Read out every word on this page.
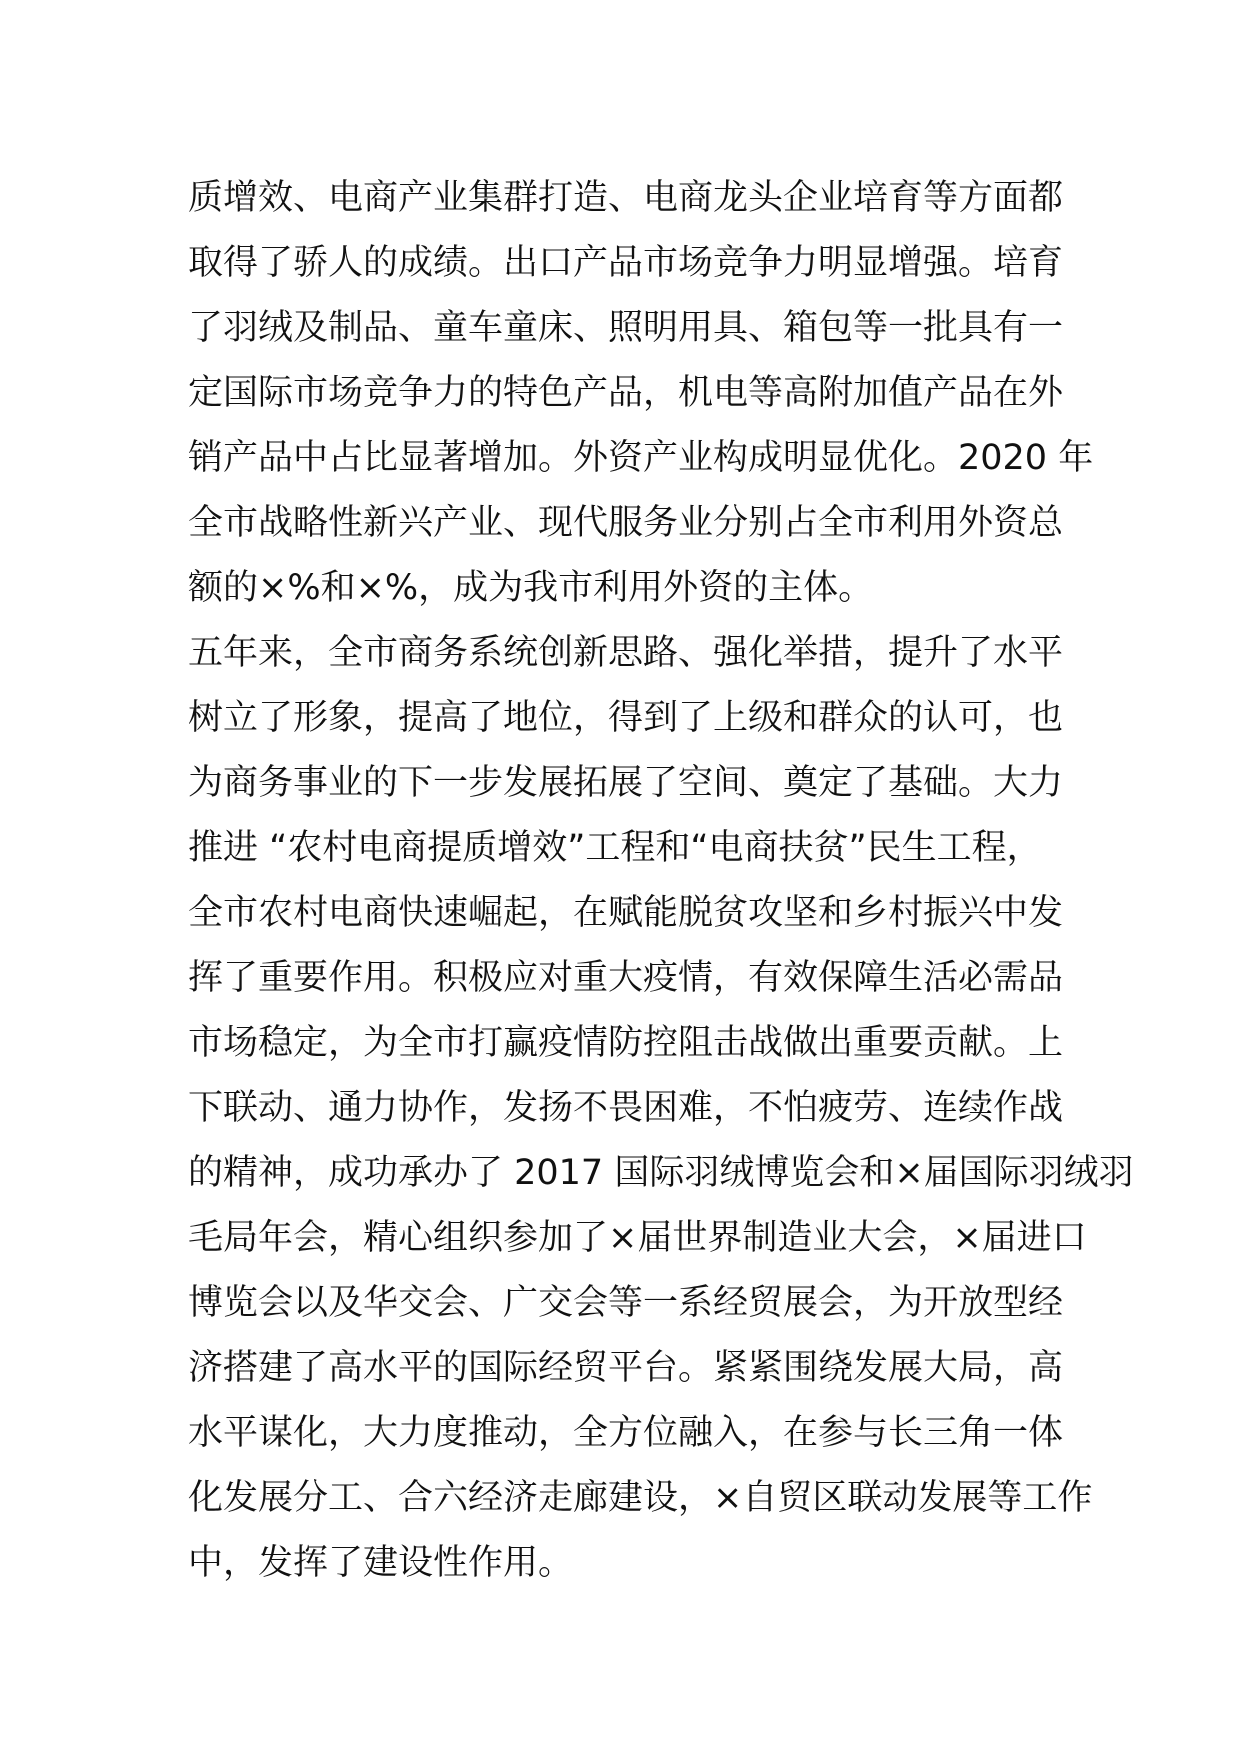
质增效、电商产业集群打造、电商龙头企业培育等方面都
取得了骄人的成绩。出口产品市场竞争力明显增强。培育
了羽绒及制品、童车童床、照明用具、箱包等一批具有一
定国际市场竞争力的特色产品，机电等高附加值产品在外
销产品中占比显著增加。外资产业构成明显优化。2020 年
全市战略性新兴产业、现代服务业分别占全市利用外资总
额的×%和×%，成为我市利用外资的主体。
五年来，全市商务系统创新思路、强化举措，提升了水平
树立了形象，提高了地位，得到了上级和群众的认可，也
为商务事业的下一步发展拓展了空间、奠定了基础。大力
推进 “农村电商提质增效”工程和“电商扶贫”民生工程，
全市农村电商快速崛起，在赋能脱贫攻坚和乡村振兴中发
挥了重要作用。积极应对重大疫情，有效保障生活必需品
市场稳定，为全市打赢疫情防控阻击战做出重要贡献。上
下联动、通力协作，发扬不畏困难，不怕疲劳、连续作战
的精神，成功承办了 2017 国际羽绒博览会和×届国际羽绒羽
毛局年会，精心组织参加了×届世界制造业大会，×届进口
博览会以及华交会、广交会等一系经贸展会，为开放型经
济搭建了高水平的国际经贸平台。紧紧围绕发展大局，高
水平谋化，大力度推动，全方位融入，在参与长三角一体
化发展分工、合六经济走廊建设，×自贸区联动发展等工作
中，发挥了建设性作用。
